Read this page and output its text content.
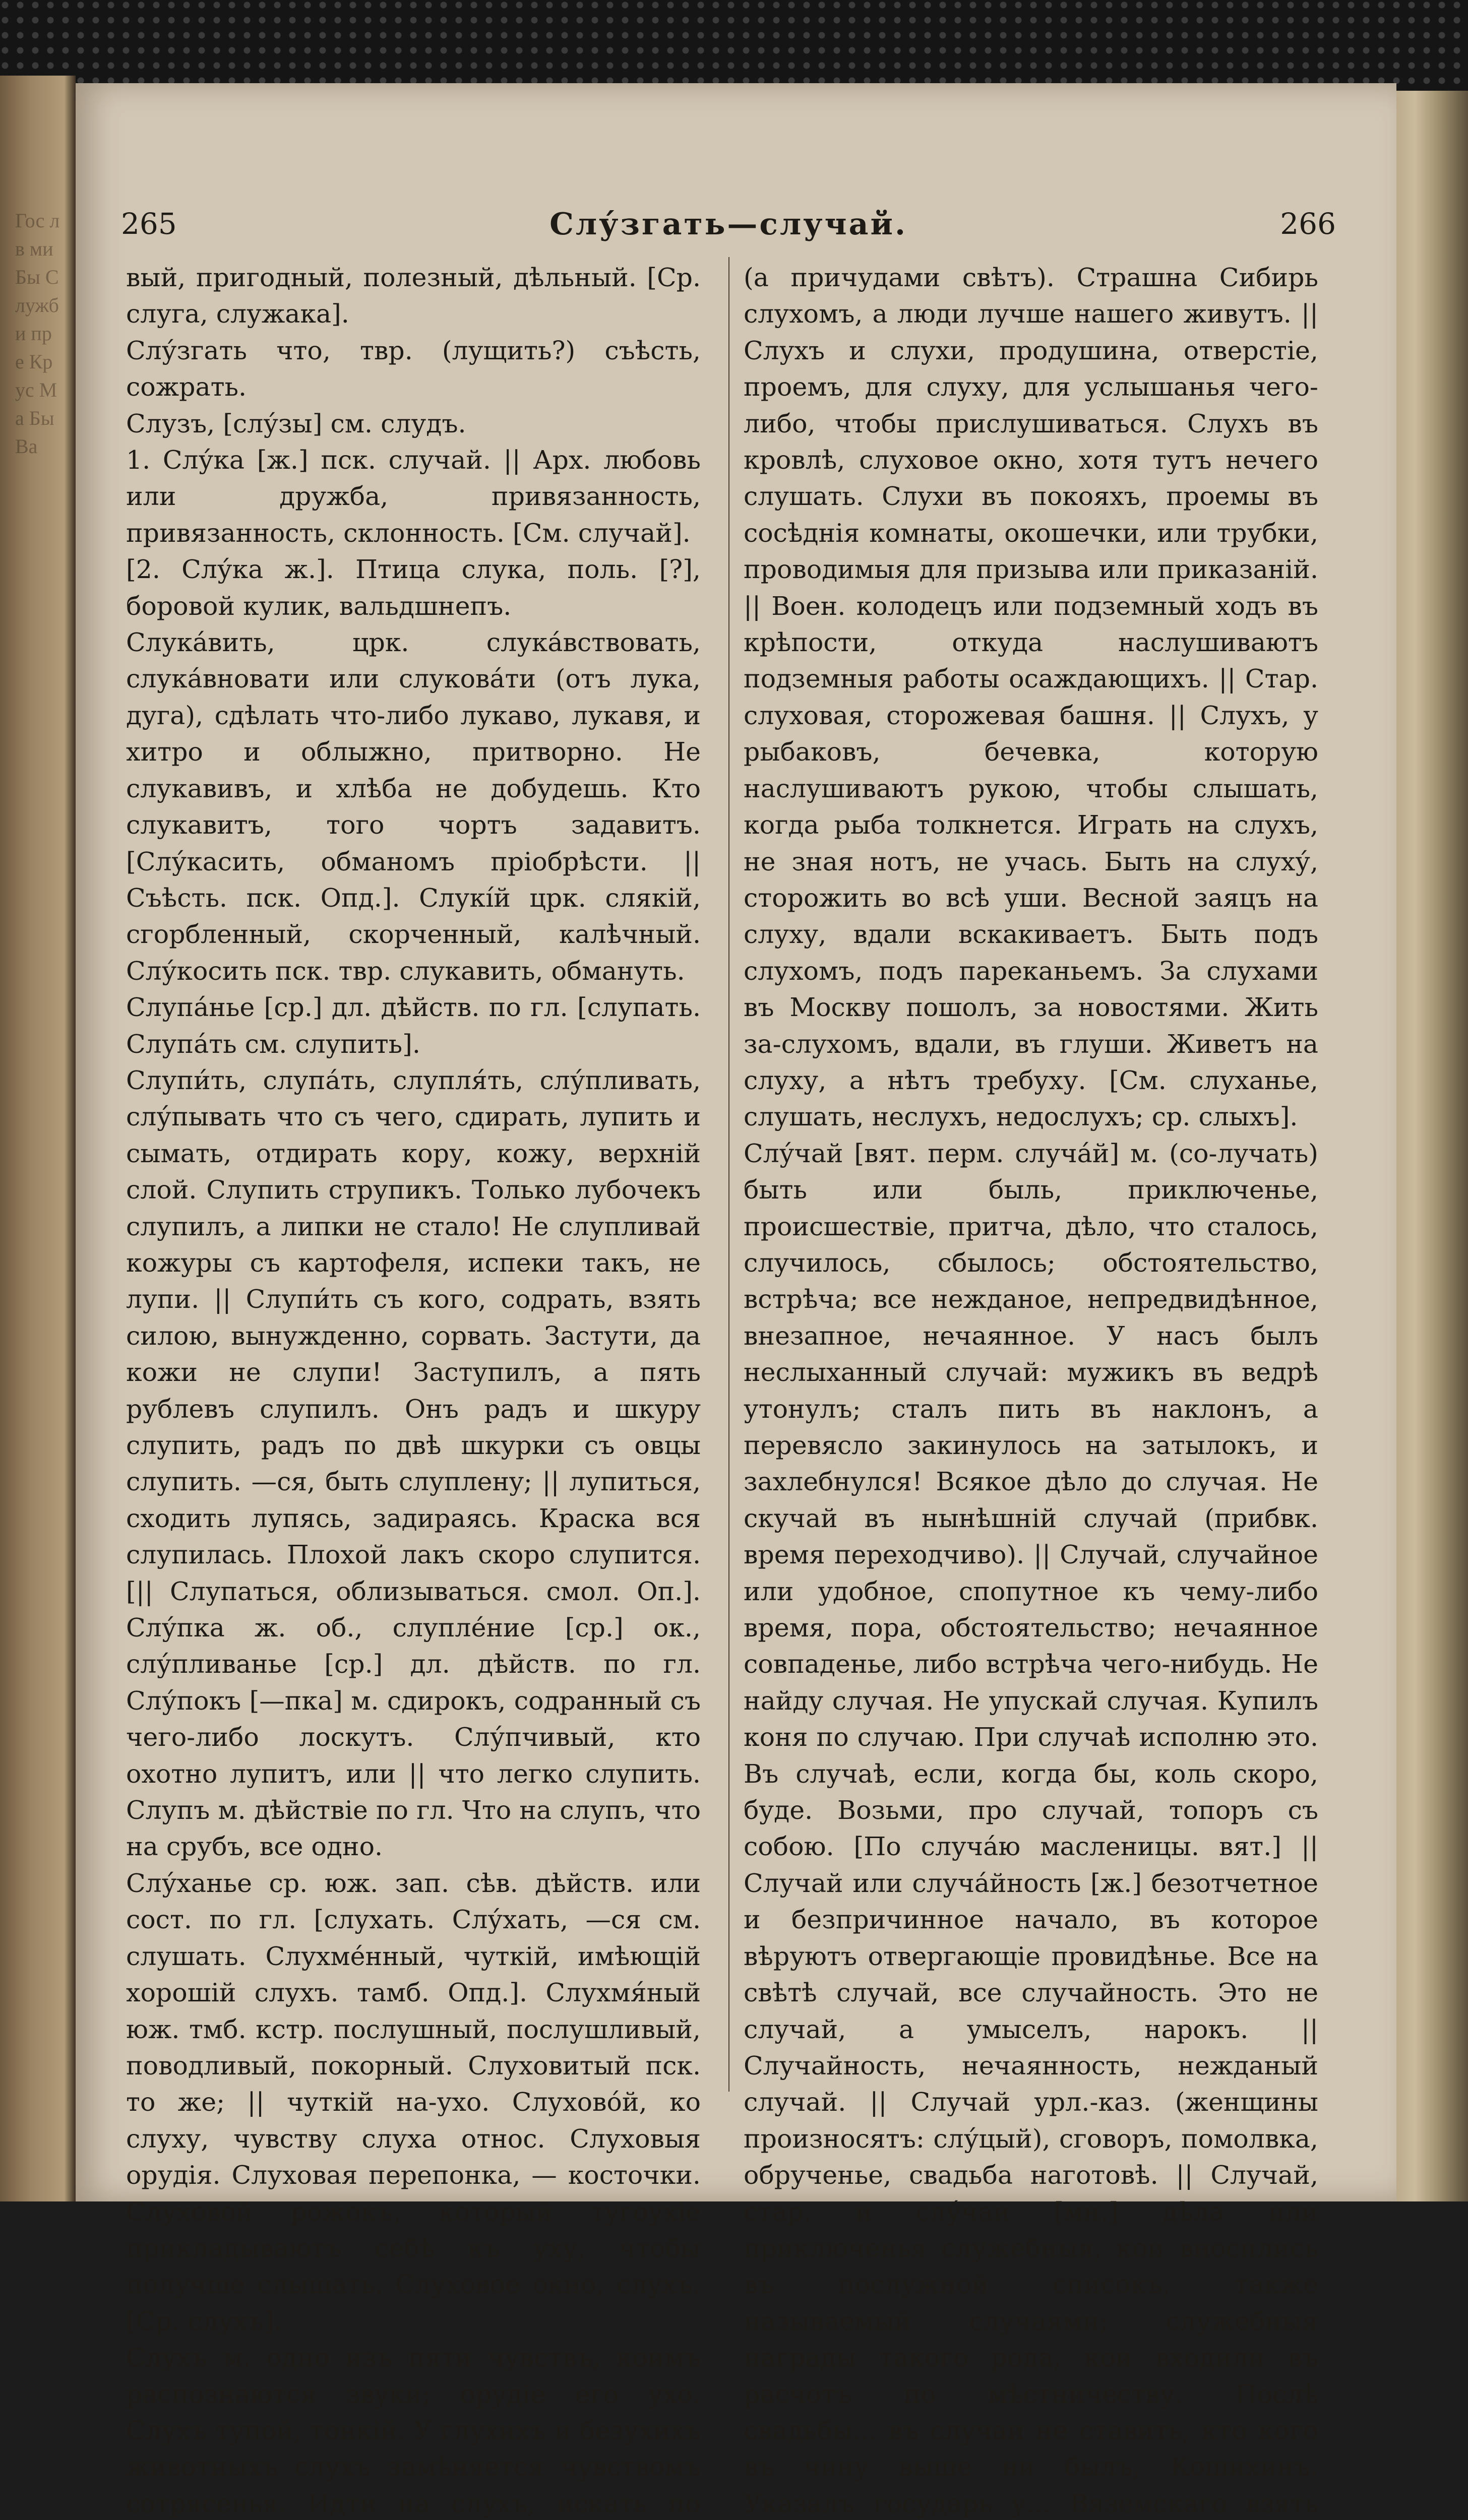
Гос л в ми Бы Служби пре Кр ус Ма Бы Ва
265	Слу́згать—случай.	266

вый, пригодный, полезный, дѣльный. [Ср. слуга, служака].

Слу́згать что, твр. (лущить?) съѣсть, сожрать.

Слузъ, [слу́зы] см. слудъ.

1. Слу́ка [ж.] пск. случай. || Арх. любовь или дружба, привязанность, привязанность, склонность. [См. случай].

[2. Слу́ка ж.]. Птица слука, поль. [?], боровой кулик, вальдшнепъ.

Слука́вить, црк. слука́вствовать, слука́вновати или слукова́ти (отъ лука, дуга), сдѣлать что-либо лукаво, лукавя, и хитро и облыжно, притворно. Не слукавивъ, и хлѣба не добудешь. Кто слукавитъ, того чортъ задавитъ. [Слу́касить, обманомъ пріобрѣсти. || Съѣсть. пск. Опд.]. Слукі́й црк. слякій, сгорбленный, скорченный, калѣчный. Слу́косить пск. твр. слукавить, обмануть.

Слупа́нье [ср.] дл. дѣйств. по гл. [слупать. Слупа́ть см. слупить].

Слупи́ть, слупа́ть, слупля́ть, слу́пливать, слу́пывать что съ чего, сдирать, лупить и сымать, отдирать кору, кожу, верхній слой. Слупить струпикъ. Только лубочекъ слупилъ, а липки не стало! Не слупливай кожуры съ картофеля, испеки такъ, не лупи. || Слупи́ть съ кого, содрать, взять силою, вынужденно, сорвать. Застути, да кожи не слупи! Заступилъ, а пять рублевъ слупилъ. Онъ радъ и шкуру слупить, радъ по двѣ шкурки съ овцы слупить. —ся, быть слупленy; || лупиться, сходить лупясь, задираясь. Краска вся слупилась. Плохой лакъ скоро слупится. [|| Слупаться, облизываться. смол. Оп.]. Слу́пка ж. об., слупле́ние [ср.] ок., слу́пливанье [ср.] дл. дѣйств. по гл. Слу́покъ [—пка] м. сдирокъ, содранный съ чего-либо лоскутъ. Слу́пчивый, кто охотно лупитъ, или || что легко слупить. Слупъ м. дѣйствіе по гл. Что на слупъ, что на срубъ, все одно.

Слу́ханье ср. юж. зап. сѣв. дѣйств. или сост. по гл. [слухать. Слу́хать, —ся см. слушать. Слухме́нный, чуткій, имѣющій хорошій слухъ. тамб. Опд.]. Слухмя́ный юж. тмб. кстр. послушный, послушливый, поводливый, покорный. Слуховитый пск. то же; || чуткій на-ухо. Слухово́й, ко слуху, чувству слуха относ. Слуховыя орудія. Слуховая перепонка, — косточки. Слуховой рожокъ, который тугоухіе прикладываютъ себѣ къ уху, чтобы получше слышать. Слуховое окно, слухъ. [Ср. слухъ].

Слухъ м. одно изъ пяти чувствъ, коимъ распознаются звуки; орудіе его ухо. Слухъ тупой, тонкій. У глухихъ и безухихъ животныхъ слухъ замѣняется чувствомъ сотрясенья. Идти на слухъ, искать по

(а причудами свѣтъ). Страшна Сибирь слухомъ, а люди лучше нашего живутъ. || Слухъ и слухи, продушина, отверстіе, проемъ, для слуху, для услышанья чего-либо, чтобы прислушиваться. Слухъ въ кровлѣ, слуховое окно, хотя тутъ нечего слушать. Слухи въ покояхъ, проемы въ сосѣднія комнаты, окошечки, или трубки, проводимыя для призыва или приказаній. || Воен. колодецъ или подземный ходъ въ крѣпости, откуда наслушиваютъ подземныя работы осаждающихъ. || Стар. слуховая, сторожевая башня. || Слухъ, у рыбаковъ, бечевка, которую наслушиваютъ рукою, чтобы слышать, когда рыба толкнется. Играть на слухъ, не зная нотъ, не учась. Быть на слуху́, сторожить во всѣ уши. Весной заяцъ на слуху, вдали вскакиваетъ. Быть подъ слухомъ, подъ пареканьемъ. За слухами въ Москву пошолъ, за новостями. Жить за-слухомъ, вдали, въ глуши. Живетъ на слуху, а нѣтъ требуху. [См. слуханье, слушать, неслухъ, недослухъ; ср. слыхъ].

Слу́чай [вят. перм. случа́й] м. (со-лучать) быть или быль, приключенье, происшествіе, притча, дѣло, что сталось, случилось, сбылось; обстоятельство, встрѣча; все нежданое, непредвидѣнное, внезапное, нечаянное. У насъ былъ неслыханный случай: мужикъ въ ведрѣ утонулъ; сталъ пить въ наклонъ, а перевясло закинулось на затылокъ, и захлебнулся! Всякое дѣло до случая. Не скучай въ нынѣшній случай (прибвк. время переходчиво). || Случай, случайное или удобное, спопутное къ чему-либо время, пора, обстоятельство; нечаянное совпаденье, либо встрѣча чего-нибудь. Не найду случая. Не упускай случая. Купилъ коня по случаю. При случаѣ исполню это. Въ случаѣ, если, когда бы, коль скоро, буде. Возьми, про случай, топоръ съ собою. [По случа́ю масленицы. вят.] || Случай или случа́йность [ж.] безотчетное и безпричинное начало, въ которое вѣруютъ отвергающіе провидѣнье. Все на свѣтѣ случай, все случайность. Это не случай, а умыселъ, нарокъ. || Случайность, нечаянность, нежданый случай. || Случай урл.-каз. (женщины произносятъ: слу́цый), сговоръ, помолвка, обрученье, свадьба наготовѣ. || Случай, стар. и слу́чаи [мн.] дѣла или приключенья служебныя, кои вносились въ послужной списокъ, также называемый случаями; служебныя награды такого рода, кои входили въ расчотъ по мѣстничеству. Послѣ свадьбы... въ случаи не ставить, кто кого въ чину выше ни былъ, Кошихинъ. Указалъ государь у... Вяземскаго взять
